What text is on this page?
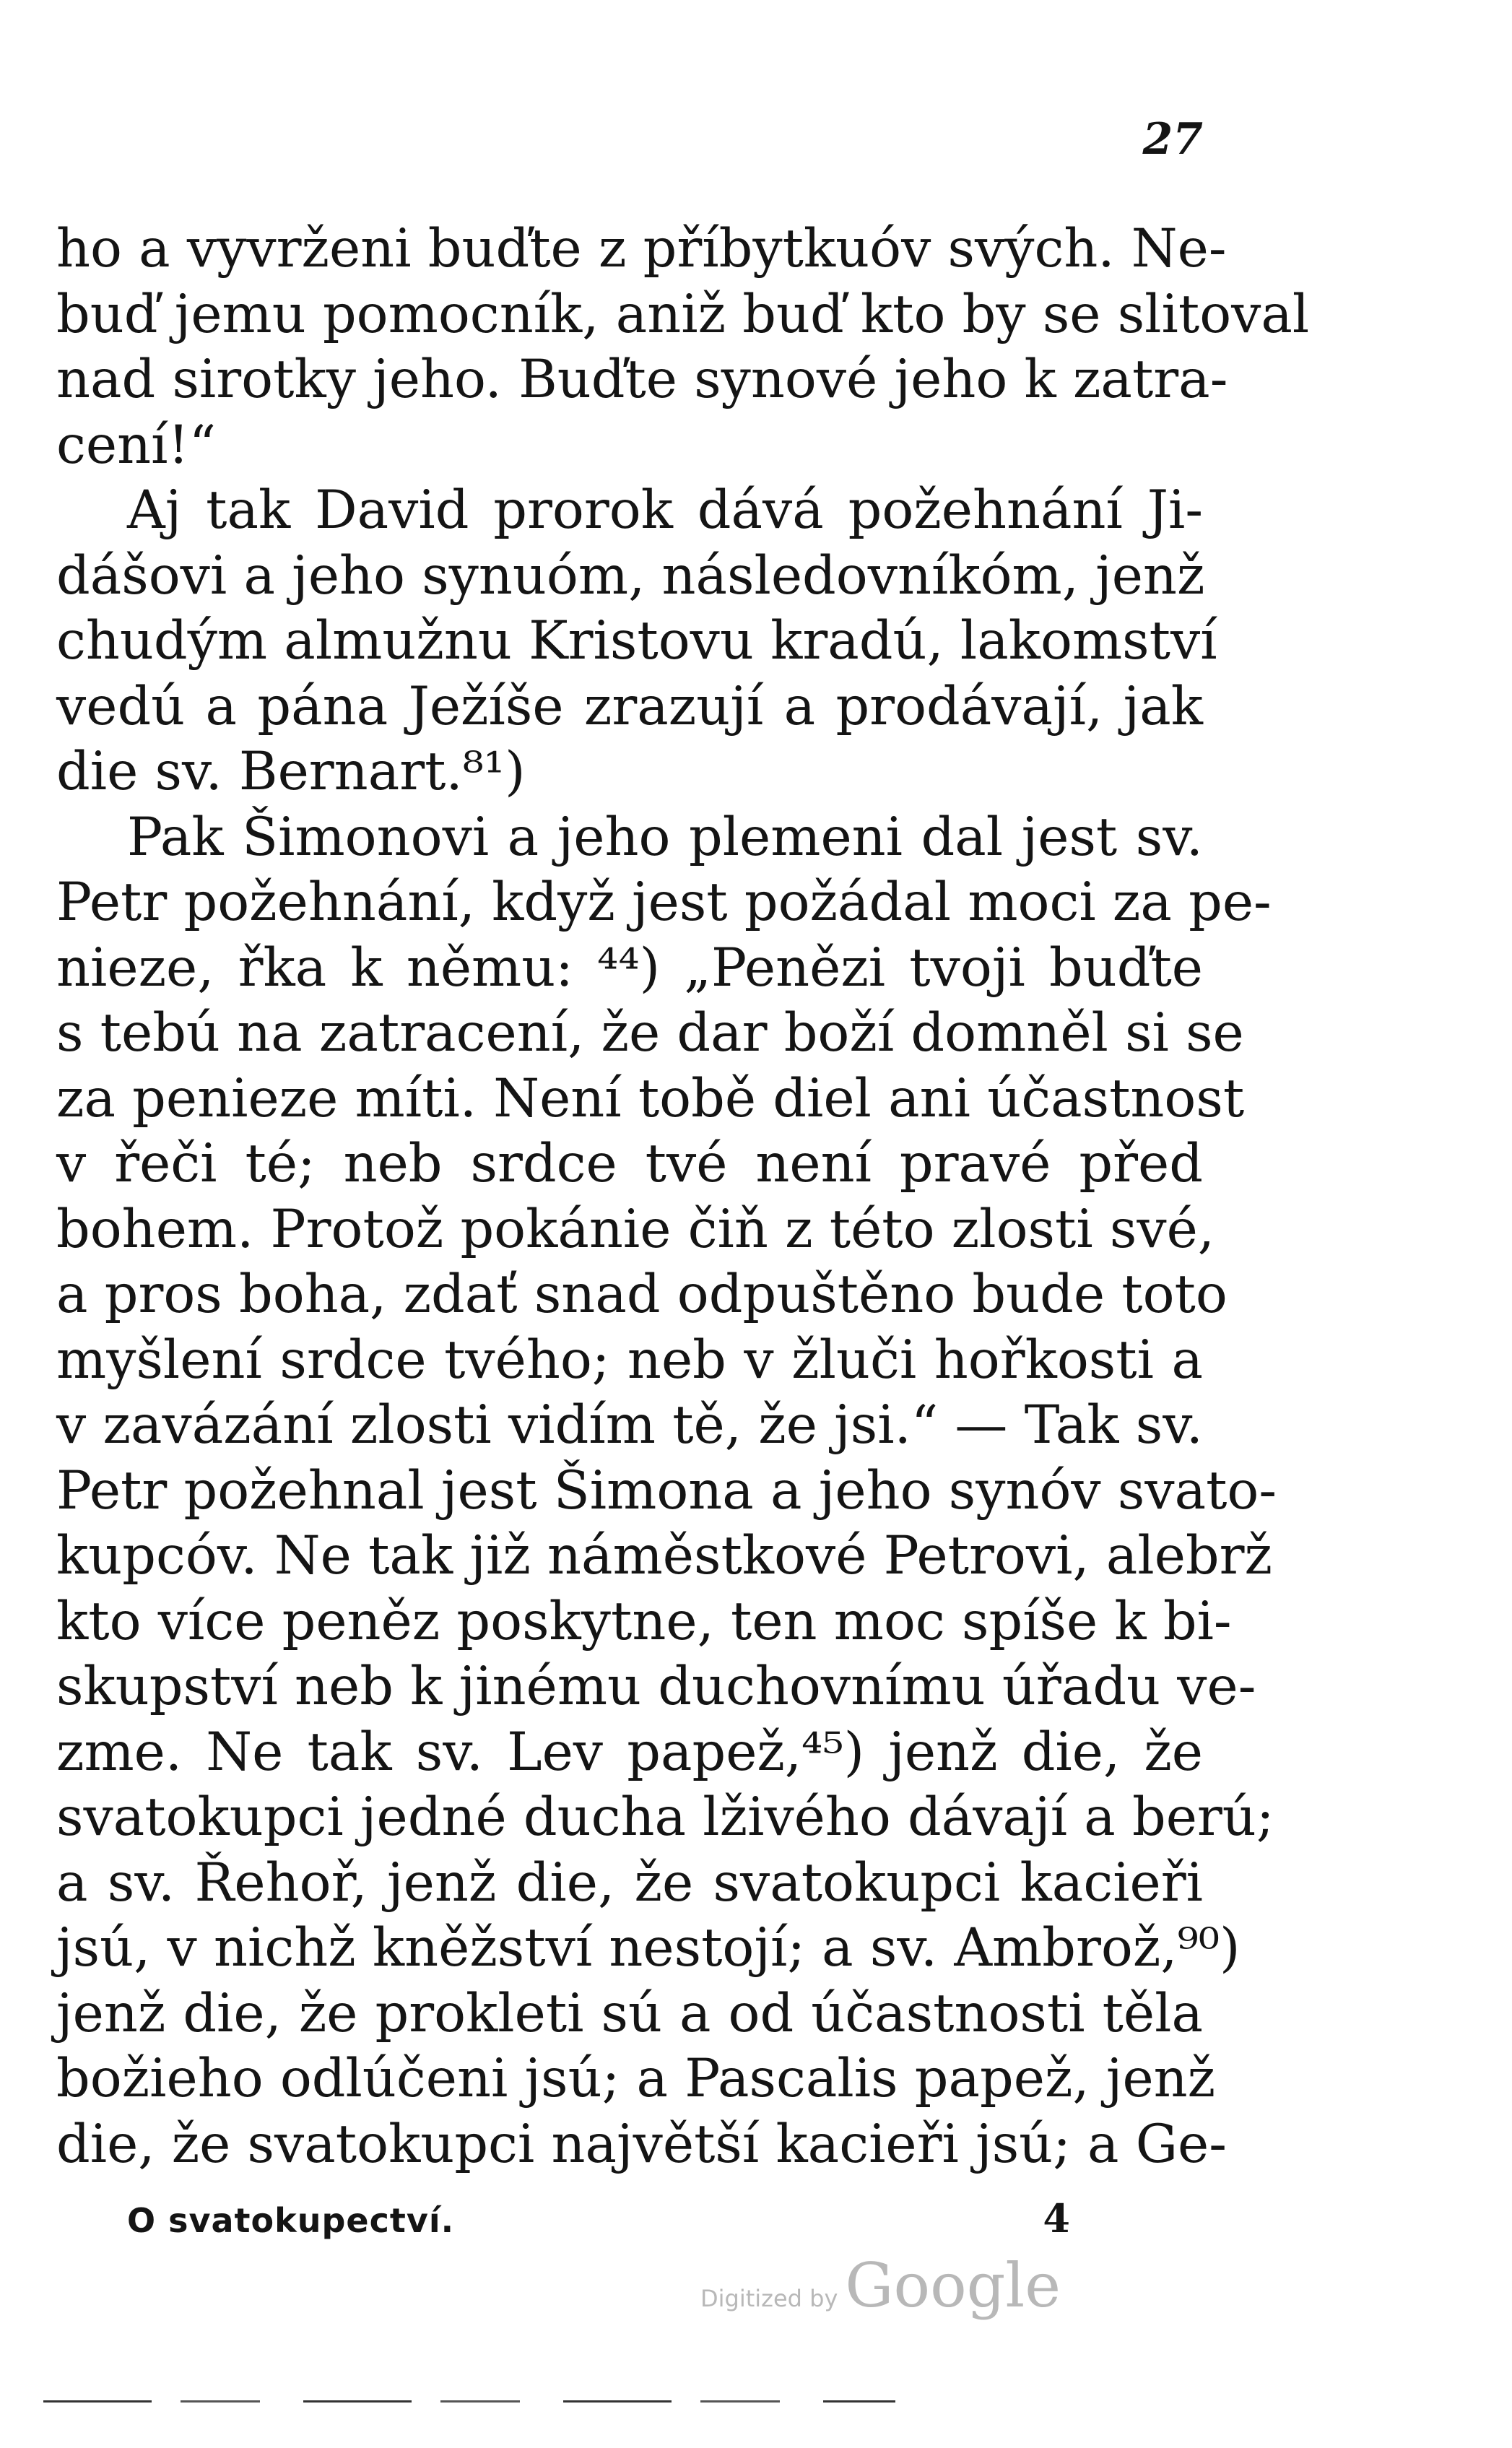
27
ho a vyvrženi buďte z příbytkuóv svých. Ne-
buď jemu pomocník, aniž buď kto by se slitoval
nad sirotky jeho. Buďte synové jeho k zatra-
cení!“
Aj tak David prorok dává požehnání Ji-
dášovi a jeho synuóm, následovníkóm, jenž
chudým almužnu Kristovu kradú, lakomství
vedú a pána Ježíše zrazují a prodávají, jak
die sv. Bernart.⁸¹)
Pak Šimonovi a jeho plemeni dal jest sv.
Petr požehnání, když jest požádal moci za pe-
nieze, řka k němu: ⁴⁴) „Penězi tvoji buďte
s tebú na zatracení, že dar boží domněl si se
za penieze míti. Není tobě diel ani účastnost
v řeči té; neb srdce tvé není pravé před
bohem. Protož pokánie čiň z této zlosti své,
a pros boha, zdať snad odpuštěno bude toto
myšlení srdce tvého; neb v žluči hořkosti a
v zavázání zlosti vidím tě, že jsi.“ — Tak sv.
Petr požehnal jest Šimona a jeho synóv svato-
kupcóv. Ne tak již náměstkové Petrovi, alebrž
kto více peněz poskytne, ten moc spíše k bi-
skupství neb k jinému duchovnímu úřadu ve-
zme. Ne tak sv. Lev papež,⁴⁵) jenž die, že
svatokupci jedné ducha lživého dávají a berú;
a sv. Řehoř, jenž die, že svatokupci kacieři
jsú, v nichž kněžství nestojí; a sv. Ambrož,⁹⁰)
jenž die, že prokleti sú a od účastnosti těla
božieho odlúčeni jsú; a Pascalis papež, jenž
die, že svatokupci najvětší kacieři jsú; a Ge-
O svatokupectví.	4
Digitized by Google
